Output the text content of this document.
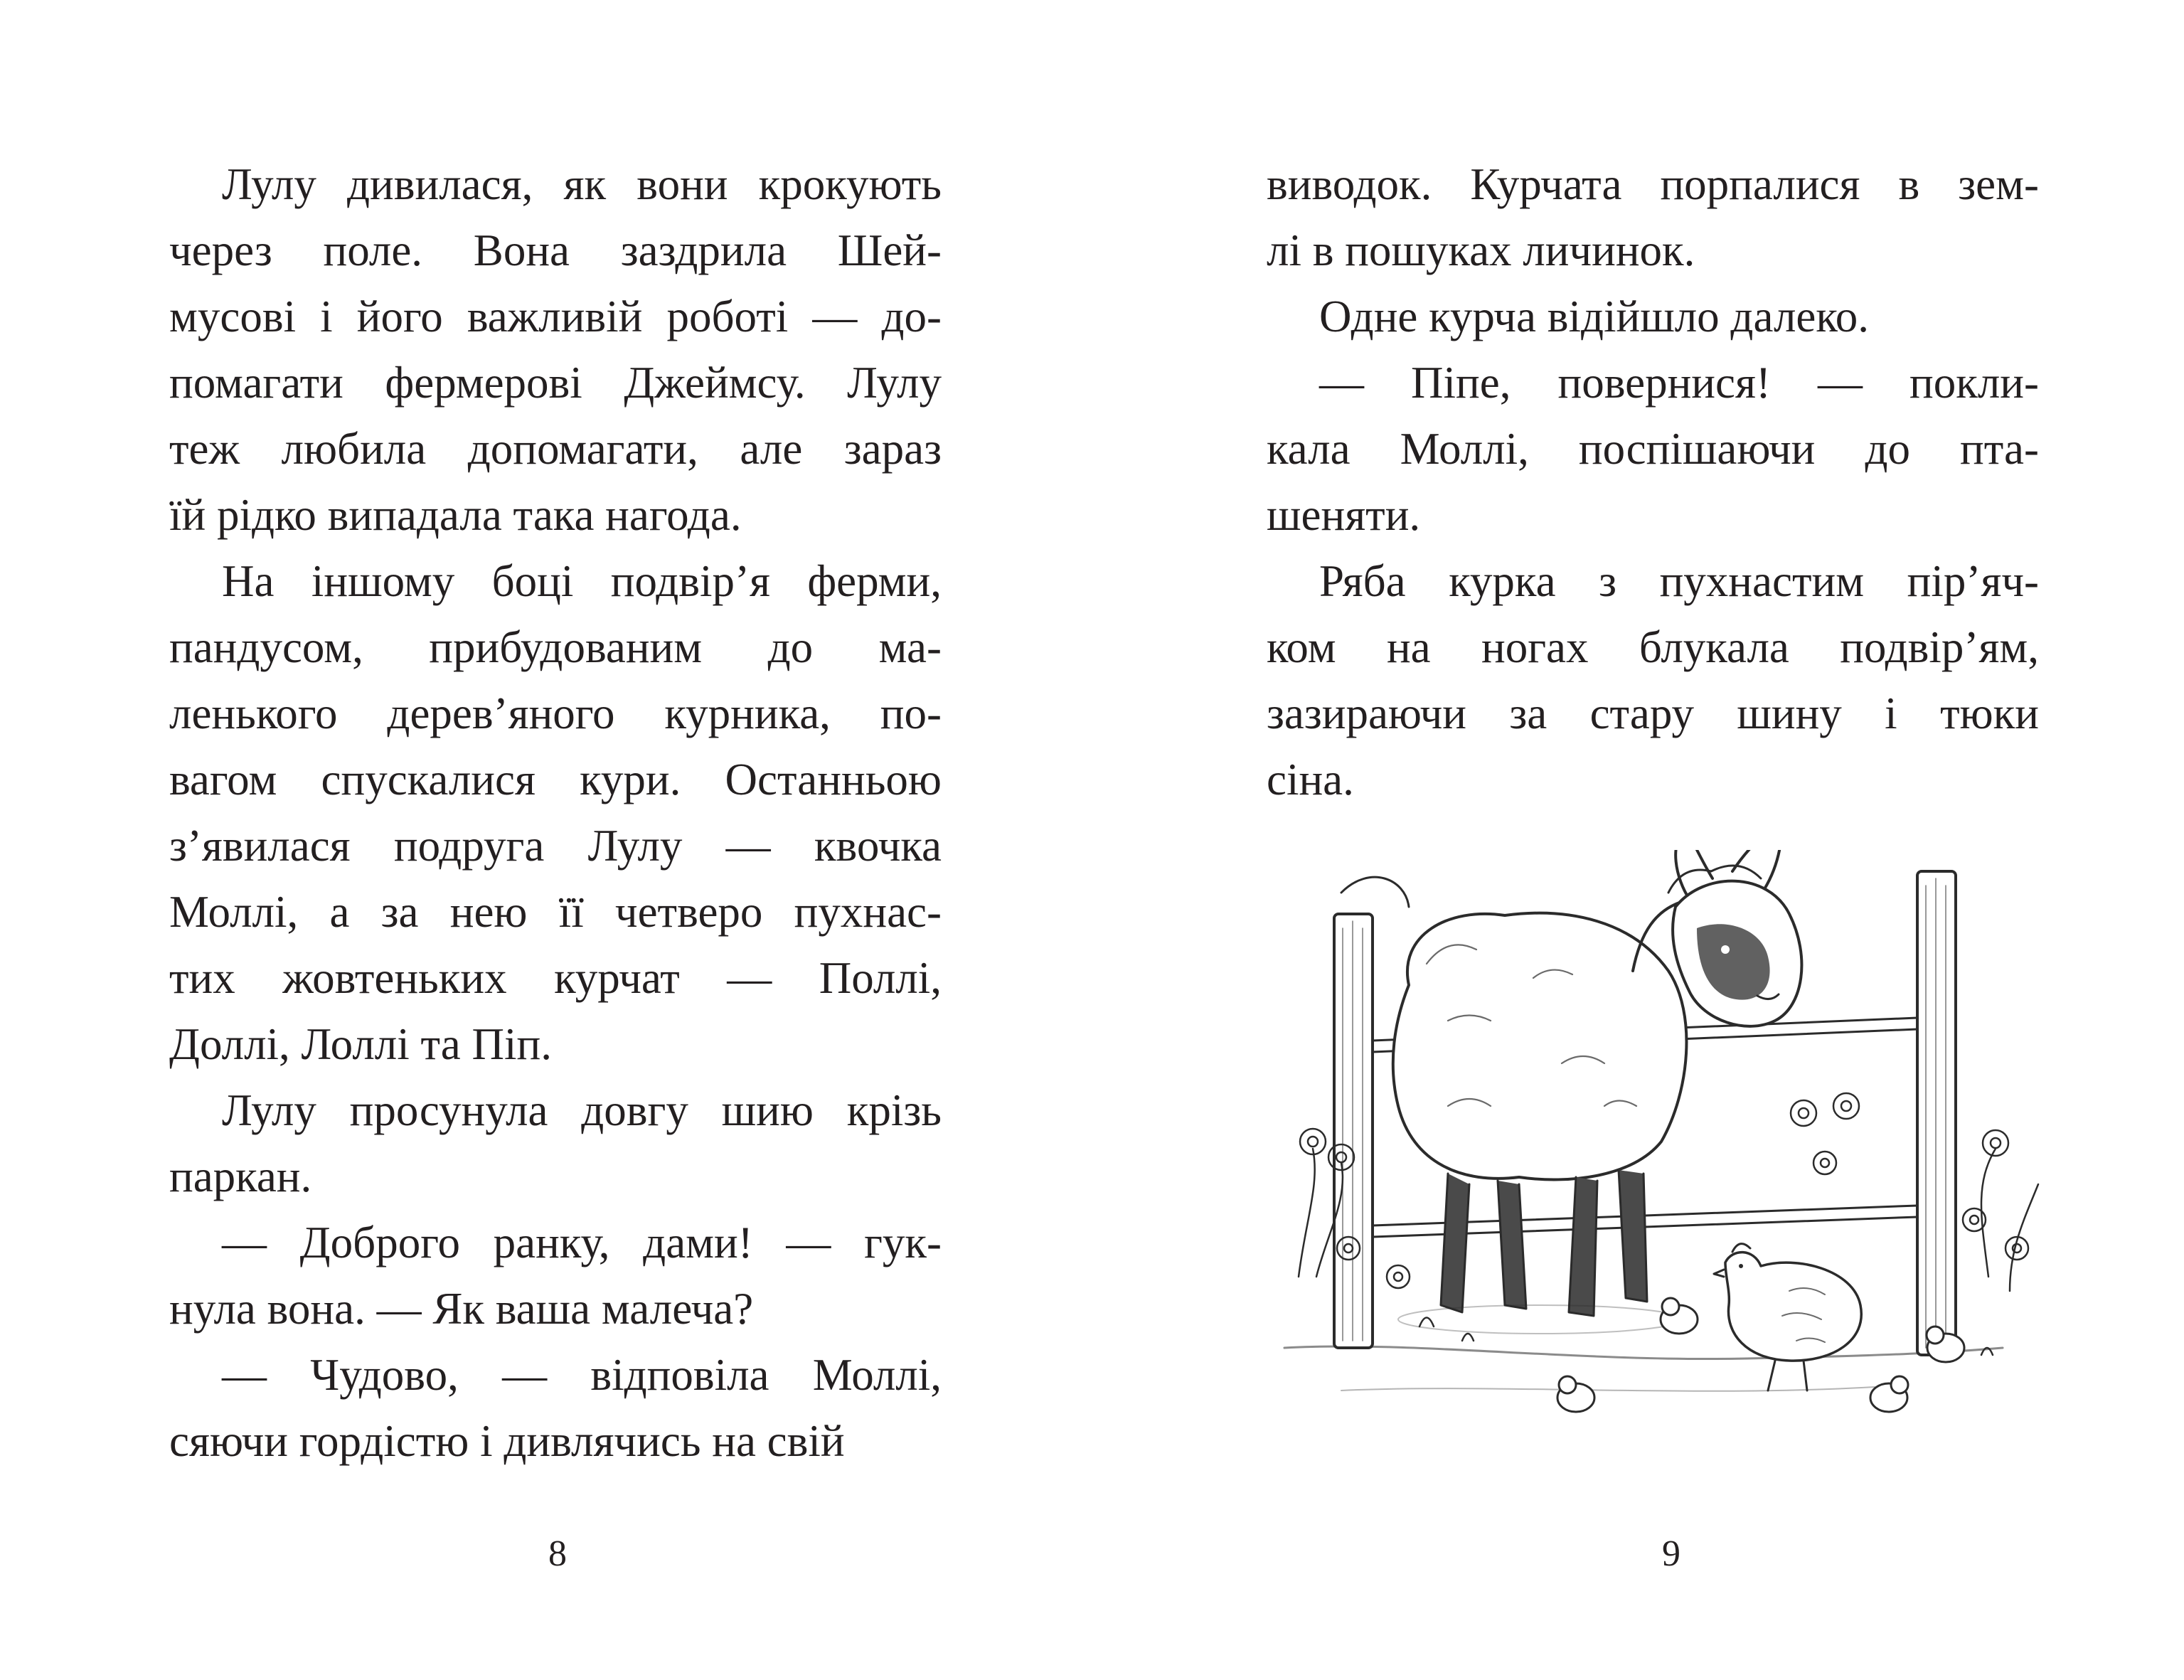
Лулу дивилася, як вони крокують
через поле. Вона заздрила Шей-
мусові і його важливій роботі — до-
помагати фермерові Джеймсу. Лулу
теж любила допомагати, але зараз
їй рідко випадала така нагода.
На іншому боці подвір’я ферми,
пандусом, прибудованим до ма-
ленького дерев’яного курника, по-
вагом спускалися кури. Останньою
з’явилася подруга Лулу — квочка
Моллі, а за нею її четверо пухнас-
тих жовтеньких курчат — Поллі,
Доллі, Лоллі та Піп.
Лулу просунула довгу шию крізь
паркан.
— Доброго ранку, дами! — гук-
нула вона. — Як ваша малеча?
— Чудово, — відповіла Моллі,
сяючи гордістю і дивлячись на свій
8
виводок. Курчата порпалися в зем-
лі в пошуках личинок.
Одне курча відійшло далеко.
— Піпе, повернися! — покли-
кала Моллі, поспішаючи до пта-
шеняти.
Ряба курка з пухнастим пір’яч-
ком на ногах блукала подвір’ям,
зазираючи за стару шину і тюки
сіна.
9
